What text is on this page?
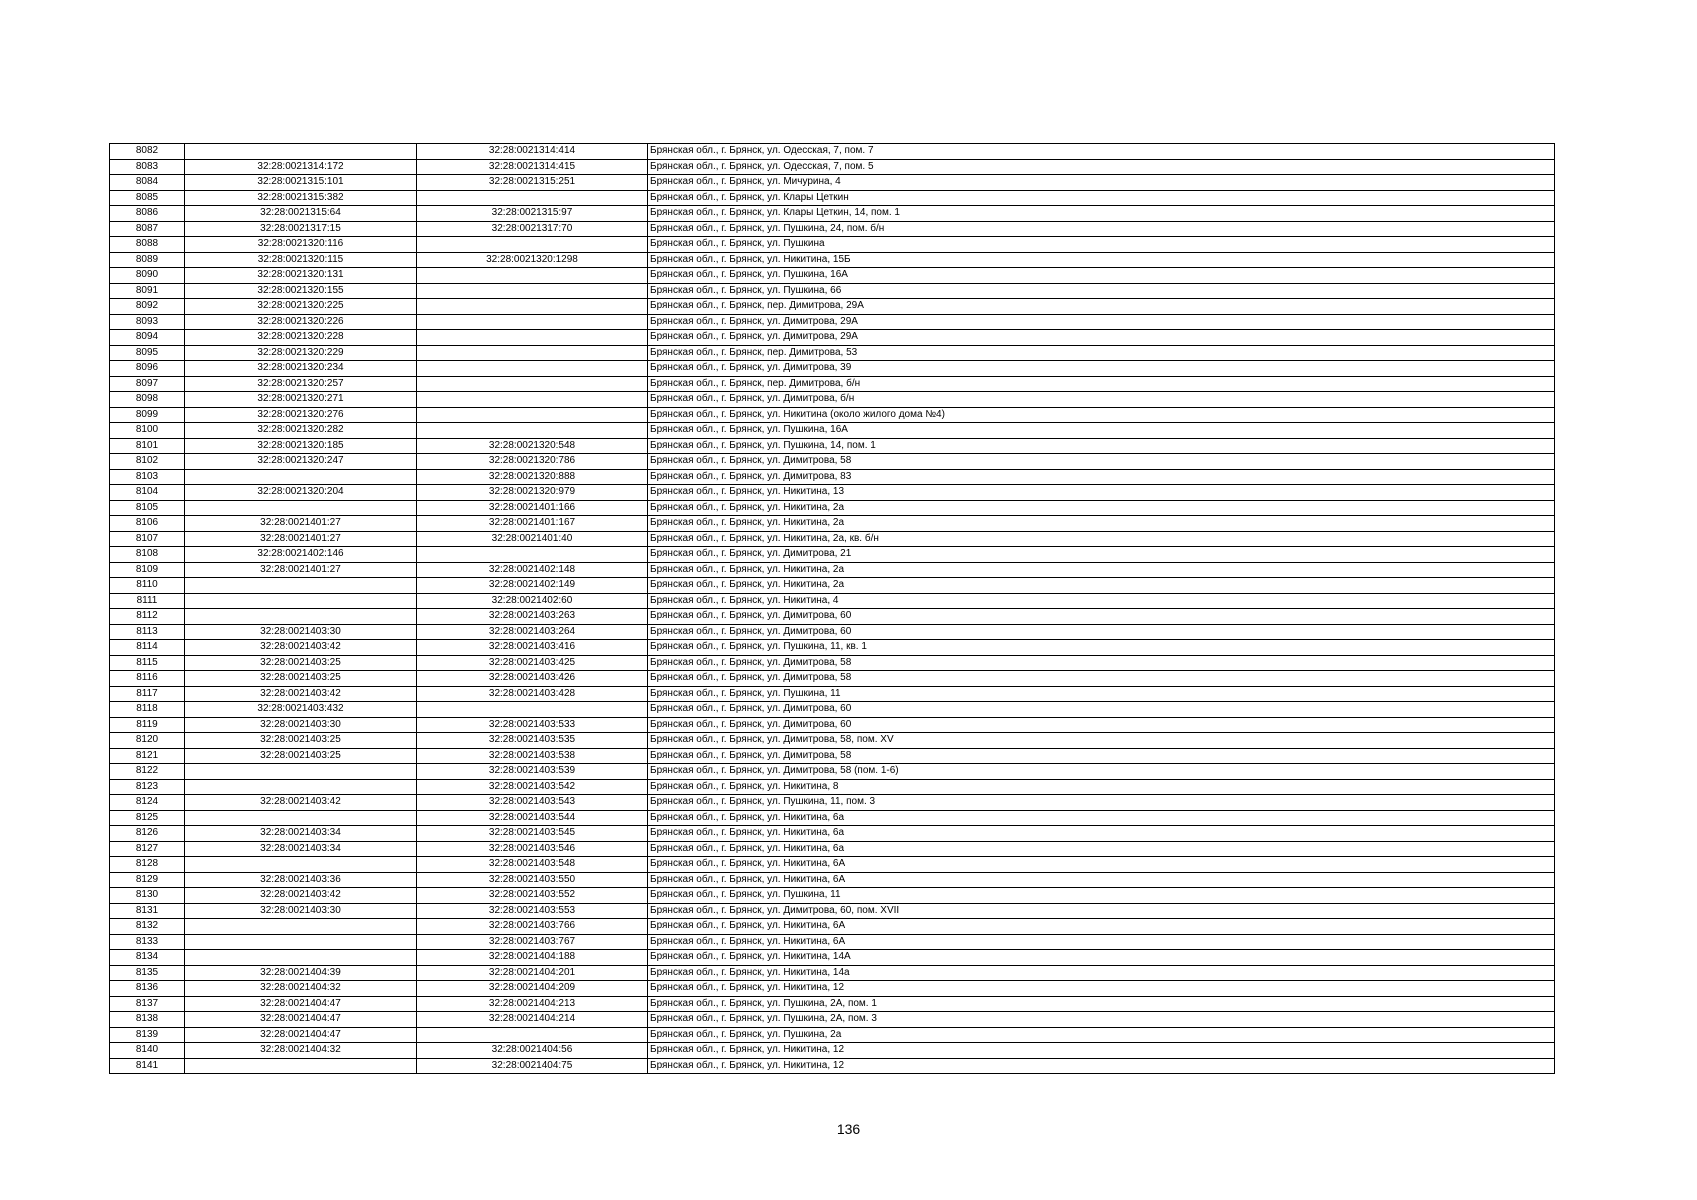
8082		32:28:0021314:414	Брянская обл., г. Брянск, ул. Одесская, 7, пом. 7
8083	32:28:0021314:172	32:28:0021314:415	Брянская обл., г. Брянск, ул. Одесская, 7, пом. 5
8084	32:28:0021315:101	32:28:0021315:251	Брянская обл., г. Брянск, ул. Мичурина, 4
8085	32:28:0021315:382		Брянская обл., г. Брянск, ул. Клары Цеткин
8086	32:28:0021315:64	32:28:0021315:97	Брянская обл., г. Брянск, ул. Клары Цеткин, 14, пом. 1
8087	32:28:0021317:15	32:28:0021317:70	Брянская обл., г. Брянск, ул. Пушкина, 24, пом. б/н
8088	32:28:0021320:116		Брянская обл., г. Брянск, ул. Пушкина
8089	32:28:0021320:115	32:28:0021320:1298	Брянская обл., г. Брянск, ул. Никитина, 15Б
8090	32:28:0021320:131		Брянская обл., г. Брянск, ул. Пушкина, 16А
8091	32:28:0021320:155		Брянская обл., г. Брянск, ул. Пушкина, 66
8092	32:28:0021320:225		Брянская обл., г. Брянск, пер. Димитрова, 29А
8093	32:28:0021320:226		Брянская обл., г. Брянск, ул. Димитрова, 29А
8094	32:28:0021320:228		Брянская обл., г. Брянск, ул. Димитрова, 29А
8095	32:28:0021320:229		Брянская обл., г. Брянск, пер. Димитрова, 53
8096	32:28:0021320:234		Брянская обл., г. Брянск, ул. Димитрова, 39
8097	32:28:0021320:257		Брянская обл., г. Брянск, пер. Димитрова, б/н
8098	32:28:0021320:271		Брянская обл., г. Брянск, ул. Димитрова, б/н
8099	32:28:0021320:276		Брянская обл., г. Брянск, ул. Никитина (около жилого дома №4)
8100	32:28:0021320:282		Брянская обл., г. Брянск, ул. Пушкина, 16А
8101	32:28:0021320:185	32:28:0021320:548	Брянская обл., г. Брянск, ул. Пушкина, 14, пом. 1
8102	32:28:0021320:247	32:28:0021320:786	Брянская обл., г. Брянск, ул. Димитрова, 58
8103		32:28:0021320:888	Брянская обл., г. Брянск, ул. Димитрова, 83
8104	32:28:0021320:204	32:28:0021320:979	Брянская обл., г. Брянск, ул. Никитина, 13
8105		32:28:0021401:166	Брянская обл., г. Брянск, ул. Никитина, 2а
8106	32:28:0021401:27	32:28:0021401:167	Брянская обл., г. Брянск, ул. Никитина, 2а
8107	32:28:0021401:27	32:28:0021401:40	Брянская обл., г. Брянск, ул. Никитина, 2а, кв. б/н
8108	32:28:0021402:146		Брянская обл., г. Брянск, ул. Димитрова, 21
8109	32:28:0021401:27	32:28:0021402:148	Брянская обл., г. Брянск, ул. Никитина, 2а
8110		32:28:0021402:149	Брянская обл., г. Брянск, ул. Никитина, 2а
8111		32:28:0021402:60	Брянская обл., г. Брянск, ул. Никитина, 4
8112		32:28:0021403:263	Брянская обл., г. Брянск, ул. Димитрова, 60
8113	32:28:0021403:30	32:28:0021403:264	Брянская обл., г. Брянск, ул. Димитрова, 60
8114	32:28:0021403:42	32:28:0021403:416	Брянская обл., г. Брянск, ул. Пушкина, 11, кв. 1
8115	32:28:0021403:25	32:28:0021403:425	Брянская обл., г. Брянск, ул. Димитрова, 58
8116	32:28:0021403:25	32:28:0021403:426	Брянская обл., г. Брянск, ул. Димитрова, 58
8117	32:28:0021403:42	32:28:0021403:428	Брянская обл., г. Брянск, ул. Пушкина, 11
8118	32:28:0021403:432		Брянская обл., г. Брянск, ул. Димитрова, 60
8119	32:28:0021403:30	32:28:0021403:533	Брянская обл., г. Брянск, ул. Димитрова, 60
8120	32:28:0021403:25	32:28:0021403:535	Брянская обл., г. Брянск, ул. Димитрова, 58, пом. XV
8121	32:28:0021403:25	32:28:0021403:538	Брянская обл., г. Брянск, ул. Димитрова, 58
8122		32:28:0021403:539	Брянская обл., г. Брянск, ул. Димитрова, 58 (пом. 1-6)
8123		32:28:0021403:542	Брянская обл., г. Брянск, ул. Никитина, 8
8124	32:28:0021403:42	32:28:0021403:543	Брянская обл., г. Брянск, ул. Пушкина, 11, пом. 3
8125		32:28:0021403:544	Брянская обл., г. Брянск, ул. Никитина, 6а
8126	32:28:0021403:34	32:28:0021403:545	Брянская обл., г. Брянск, ул. Никитина, 6а
8127	32:28:0021403:34	32:28:0021403:546	Брянская обл., г. Брянск, ул. Никитина, 6а
8128		32:28:0021403:548	Брянская обл., г. Брянск, ул. Никитина, 6А
8129	32:28:0021403:36	32:28:0021403:550	Брянская обл., г. Брянск, ул. Никитина, 6А
8130	32:28:0021403:42	32:28:0021403:552	Брянская обл., г. Брянск, ул. Пушкина, 11
8131	32:28:0021403:30	32:28:0021403:553	Брянская обл., г. Брянск, ул. Димитрова, 60, пом. XVII
8132		32:28:0021403:766	Брянская обл., г. Брянск, ул. Никитина, 6А
8133		32:28:0021403:767	Брянская обл., г. Брянск, ул. Никитина, 6А
8134		32:28:0021404:188	Брянская обл., г. Брянск, ул. Никитина, 14А
8135	32:28:0021404:39	32:28:0021404:201	Брянская обл., г. Брянск, ул. Никитина, 14а
8136	32:28:0021404:32	32:28:0021404:209	Брянская обл., г. Брянск, ул. Никитина, 12
8137	32:28:0021404:47	32:28:0021404:213	Брянская обл., г. Брянск, ул. Пушкина, 2А, пом. 1
8138	32:28:0021404:47	32:28:0021404:214	Брянская обл., г. Брянск, ул. Пушкина, 2А, пом. 3
8139	32:28:0021404:47		Брянская обл., г. Брянск, ул. Пушкина, 2а
8140	32:28:0021404:32	32:28:0021404:56	Брянская обл., г. Брянск, ул. Никитина, 12
8141		32:28:0021404:75	Брянская обл., г. Брянск, ул. Никитина, 12
136
